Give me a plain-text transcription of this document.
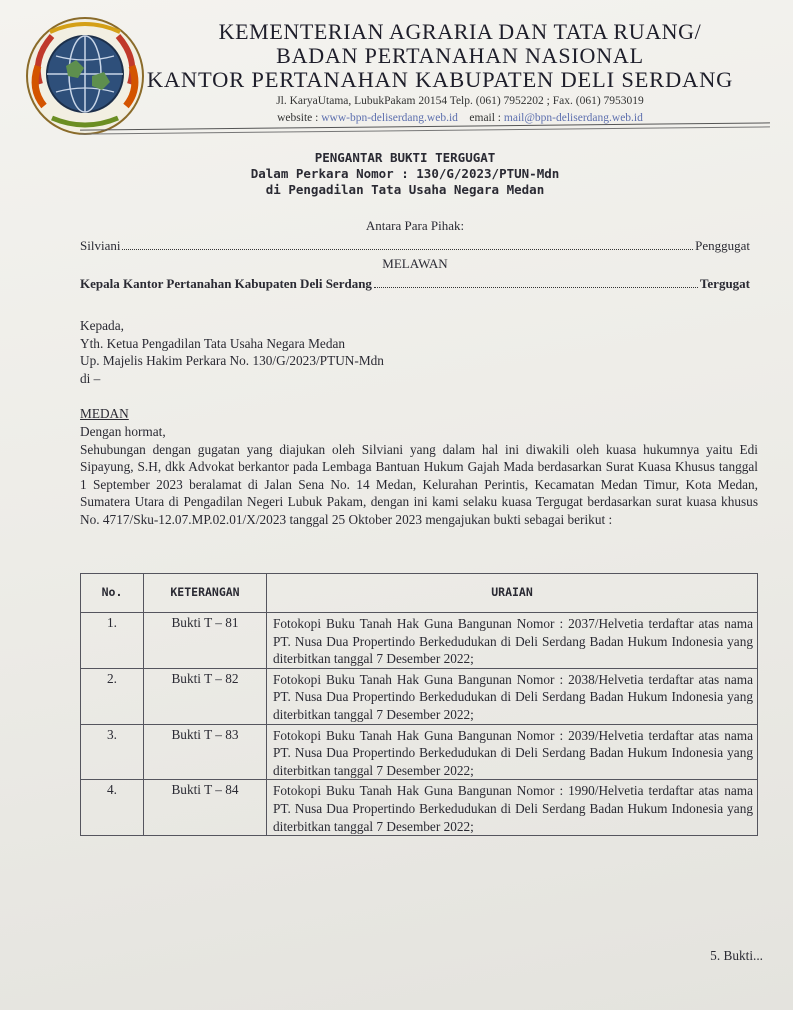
KEMENTERIAN AGRARIA DAN TATA RUANG/

BADAN PERTANAHAN NASIONAL

KANTOR PERTANAHAN KABUPATEN DELI SERDANG

Jl. KaryaUtama, LubukPakam 20154 Telp. (061) 7952202 ; Fax. (061) 7953019
website : www-bpn-deliserdang.web.id email : mail@bpn-deliserdang.web.id
PENGANTAR BUKTI TERGUGAT
Dalam Perkara Nomor : 130/G/2023/PTUN-Mdn
di Pengadilan Tata Usaha Negara Medan
Antara Para Pihak:
Silviani	Penggugat
MELAWAN
Kepala Kantor Pertanahan Kabupaten Deli Serdang	Tergugat
Kepada,
Yth. Ketua Pengadilan Tata Usaha Negara Medan
Up. Majelis Hakim Perkara No. 130/G/2023/PTUN-Mdn
di –
MEDAN
Dengan hormat,
Sehubungan dengan gugatan yang diajukan oleh Silviani yang dalam hal ini diwakili oleh kuasa hukumnya yaitu Edi Sipayung, S.H, dkk Advokat berkantor pada Lembaga Bantuan Hukum Gajah Mada berdasarkan Surat Kuasa Khusus tanggal 1 September 2023 beralamat di Jalan Sena No. 14 Medan, Kelurahan Perintis, Kecamatan Medan Timur, Kota Medan, Sumatera Utara di Pengadilan Negeri Lubuk Pakam, dengan ini kami selaku kuasa Tergugat berdasarkan surat kuasa khusus No. 4717/Sku-12.07.MP.02.01/X/2023 tanggal 25 Oktober 2023 mengajukan bukti sebagai berikut :
No.	KETERANGAN	URAIAN
1.	Bukti T – 81	Fotokopi Buku Tanah Hak Guna Bangunan Nomor : 2037/Helvetia terdaftar atas nama PT. Nusa Dua Propertindo Berkedudukan di Deli Serdang Badan Hukum Indonesia yang diterbitkan tanggal 7 Desember 2022;
2.	Bukti T – 82	Fotokopi Buku Tanah Hak Guna Bangunan Nomor : 2038/Helvetia terdaftar atas nama PT. Nusa Dua Propertindo Berkedudukan di Deli Serdang Badan Hukum Indonesia yang diterbitkan tanggal 7 Desember 2022;
3.	Bukti T – 83	Fotokopi Buku Tanah Hak Guna Bangunan Nomor : 2039/Helvetia terdaftar atas nama PT. Nusa Dua Propertindo Berkedudukan di Deli Serdang Badan Hukum Indonesia yang diterbitkan tanggal 7 Desember 2022;
4.	Bukti T – 84	Fotokopi Buku Tanah Hak Guna Bangunan Nomor : 1990/Helvetia terdaftar atas nama PT. Nusa Dua Propertindo Berkedudukan di Deli Serdang Badan Hukum Indonesia yang diterbitkan tanggal 7 Desember 2022;
5. Bukti...
